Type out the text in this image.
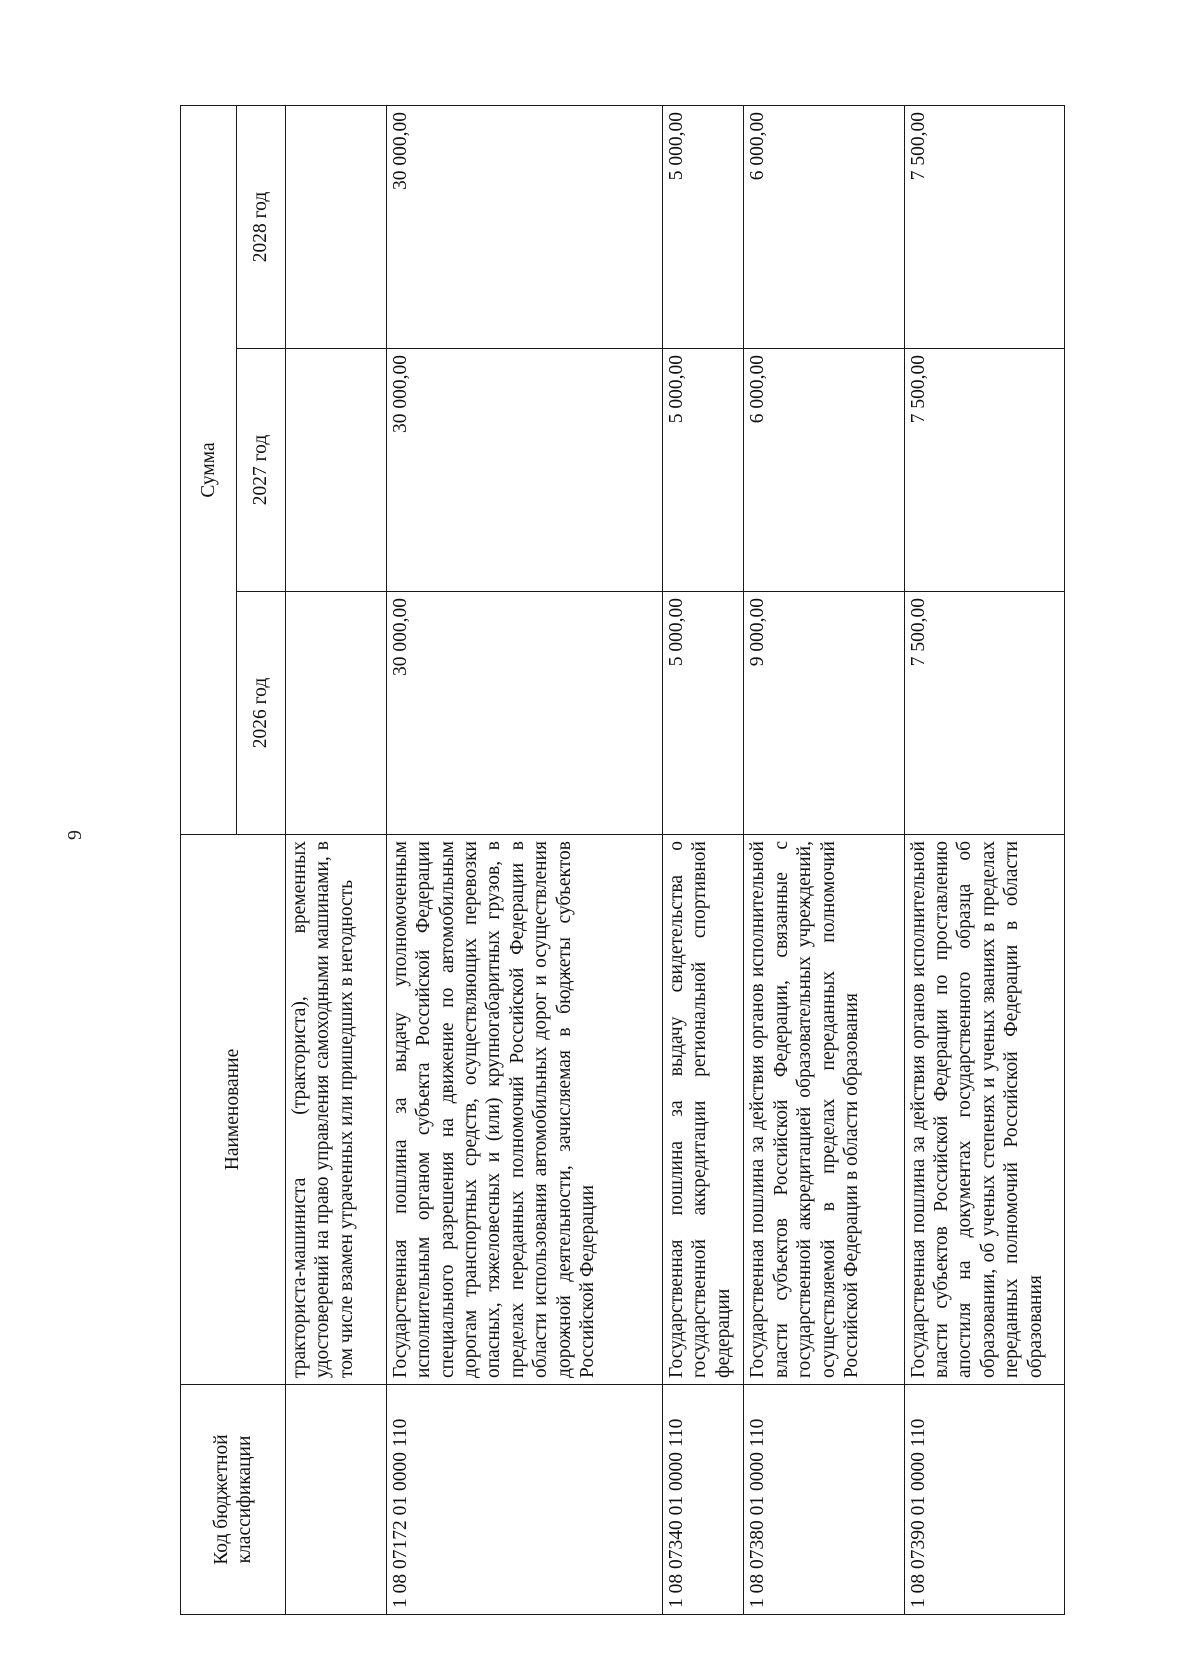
9
Код бюджетной классификации	Наименование	Сумма		
		2026 год	2027 год	2028 год
	тракториста-машиниста (тракториста), временных удостоверений на право управления самоходными машинами, в том числе взамен утраченных или пришедших в негодность			
1 08 07172 01 0000 110	Государственная пошлина за выдачу уполномоченным исполнительным органом субъекта Российской Федерации специального разрешения на движение по автомобильным дорогам транспортных средств, осуществляющих перевозки опасных, тяжеловесных и (или) крупногабаритных грузов, в пределах переданных полномочий Российской Федерации в области использования автомобильных дорог и осуществления дорожной деятельности, зачисляемая в бюджеты субъектов Российской Федерации	30 000,00	30 000,00	30 000,00
1 08 07340 01 0000 110	Государственная пошлина за выдачу свидетельства о государственной аккредитации региональной спортивной федерации	5 000,00	5 000,00	5 000,00
1 08 07380 01 0000 110	Государственная пошлина за действия органов исполнительной власти субъектов Российской Федерации, связанные с государственной аккредитацией образовательных учреждений, осуществляемой в пределах переданных полномочий Российской Федерации в области образования	9 000,00	6 000,00	6 000,00
1 08 07390 01 0000 110	Государственная пошлина за действия органов исполнительной власти субъектов Российской Федерации по проставлению апостиля на документах государственного образца об образовании, об ученых степенях и ученых званиях в пределах переданных полномочий Российской Федерации в области образования	7 500,00	7 500,00	7 500,00
